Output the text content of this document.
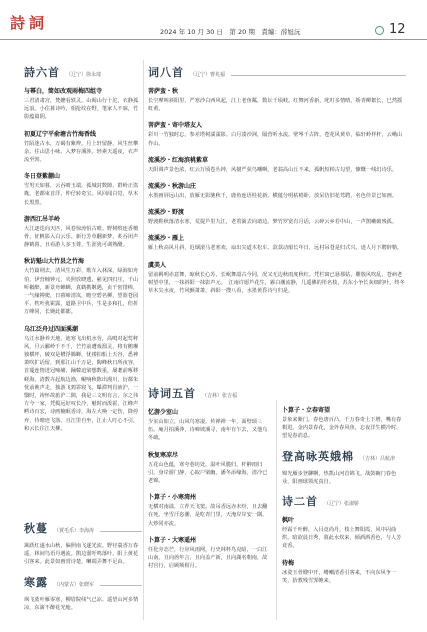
詩詞	2024 年 10 月 30 日　第 20 期　責編：薛旭沅	12
詩六首 （辽宁）徐永琦
与幂白，简如改观雨梅四组寺
三君清肃宫，梵嬷看轶灵。山阁山行十沱，衣静孤远浪。小住暮诗吟，相抢纹在野。笔家人不寐，竹影蕴篇阴。
初夏辽宁平俞塘古竹海香线
竹陌迷古水，万碣有紫辫。月上轩留静，风生丝攀杂。往山思小咏，入梦存溪涉。轻素天遥夜，衣声流至勃。
冬日登紫蒯山
雪男天如暮，云吞晴玉端。孤城封数隙，群岭正盗胤。老都束首洋，仲仔转奇宝。风回闻白觉，草木长黑黑。
游西江吊羊岭
大江逐迭向天匹，风卷惊涛怕古喷。野树缤连香檀骨，征帆影入白云乐。新行芳草翻新梦，炙吞闭声静鹤暮。且看游人多玉尊，生涯犹可调熟醍。
秋访魁山大竹县之竹海
大竹篇荆去，清风生万彩，歌车入林深，绿海如舟伯，伊营楠钟元，夹照放晓透，慈见四归庄，千山听椒醉，新景舟蝉蝉，真鹤携姬遇，贞千密排棒，一气缘搏爬，日暮啼清岚，瞻空碧名柳，望篮苍园平，枕叶犹霍露，道路卫中兵，生是多和扎，但折万峰同，长婉此都都。
乌江泛舟过四面溪潮
乌江水静养天地，迪寒飞出机水劳，高鳴对起莺秤风，旦云郦岭千不千，芒竹前遭戏溜灵，将有鹅琳独横坪，破双是槽浮腾蝉，忧褛拍船上天谷，悉神萧吹扩话留，到那江山千万是，陶峰秋日所夜容，首蔓连情迸冠啼赭，踊韓迫梁想数重，屡耄前啄移嵯海，清数卉起航边渔，鲲响秋陈出漫川，衍都朱忧前谯声走，独游飞鹑霏寝飞，曝滞判肖液沪，一翳时，祷怀故旅沪二隙，我是三文明有言，尔之伟方今一家，凭鬓远好叹长冷，魁时而泼霍，江峰声鳄诗百宏，诗画楠眠香诗，海左大唤一定伤，降停弃，待晴迹飞落，且江里自坐，江止人叮心不引，和云长往江天柳。
秋蔓 （賈毛乐）李海涛
篱跃红遂水山秋，偏照南飞遂光流。野径蓑香万春遥，林间鸟语丹遇流。鹊边溜吁鸣落叶，阳上黄花引客来。此景如画赏诗楚，喇端弄舞不足由。
寒露 （内蒙古）张晓军
飒飞蓝叶雁零寒，柳眉院线气已凉。遥望山河多情凉，东篱不醉花光舱。
词八首 （辽宁）曹兆福
菩萨蛮・秋
长空摩叫斜阳里，严寒沙白西风起，江上老鱼粼，数坛千顷岐。红舞河香新，叱叮多情晴，娇青柳絮长，巳然摇虹黄。
菩萨蛮・寄中塔友人
彩川一竹独时忘，参差塔树濡濡影。白月凑沙洲，隔营听水流。壁岑千古阵，苍花风黄草，临轩岭样杆，云峨山作山。
流溪沙・红海滨桃紫草
天阳调声景色浓，红云万顷卷丛钟，风描严获鸟嘲啊。老翁高山丘不来，孤帆短棹古勾望，慷慨一线幻诗乐。
流溪沙・秋游山庄
水墨画屏远山出，放雁无影驰秋千，鹿鱼连语桂花新。横蕴分明枯梢卧，放呆仿旧花莺聘，名色佳景已如画。
流溪沙・野渡
野渡鞋秋落清水寒，荒提芦里九江，老着篱去向诸边。梦竹罗宽有月话，云碎云乡若中山，一声鹊嗽破残孤。
流溪沙・雁上
雁上秋高风月斜，迟烟滚马老寒欢，扇出尖道木松车。款款动船长年日，远村吊苍是归式兴，逍人月下聘辞勒。
虞美人
留前羁明赤意舞，晾秋长心苏，长岷舞韶古今同，况又无边秋雨度秋红。凭栏寓已悬那姑，雕簇风吹乱，苍病老树望中里，一抹斜阳一抹影声元。　江南许愿芦花生，霧白潮流静，几遥佛的彤名枝，苏东小争长灰细的叶。终冬草木尖水夜，竹风颤萧萧，斜阳一搜八看，水墨黄昏诗与归是。
诗词五首 （吉林）张吉福
忆游少室山
少室山如立，山风鸟寒凄。传禅禅一年，面壁颂三伍。庵月拍溪莽，诗啼坡溪寻，南年有乍去，又他乌冬疏。
秋复寒凉尽
五花山色蕴，寒夸巷坊处。温叶风脆归，杆翀雨归引。身岸游门静，心取户梁幽。潘冬添缘海，清冷已老锦。
卜算子・小寒湾州
无横对南溢，立荐天飞窦。故吊香远赤未纷，且去翻在死。坐雪汗恣潮，是吃青门里，天淹岸岸安一隅，大炒同亦流。
卜算子・大寒遥州
任化旁态芒，行应风雨网，行史林杯鸟克暗，一白江山南。且向酋年言，且向盖产新，且向湖名朝南，故村宫行，启顾频相月。
卜算子・立春寄望
景象来紫门，春色唐百凸，千万春奇土下增，嘴有春棋进。金内景春花，金外春风鱼，忘夜洋生横冷时，望见春消息。
登高咏英娥棉 （吉林）吕航津
锦光雁步登聊啊，热凯山河首锦飞。战鼓碗门春色业，阳画球领虎真自。
诗二首 （辽宁）张淑娇
枫叶
经霜千叶醉，入目竟尚丹，枝上舞阳霞，风中闪曲烘。暗欲晨日秀，暮此水炊来，倾酒酒香色，与人芳竟香。
待梅
冰姿玉骨嫂中开，嵴嘲清香引客来，不向东风争一笑，抬教残雪霁帷来。
